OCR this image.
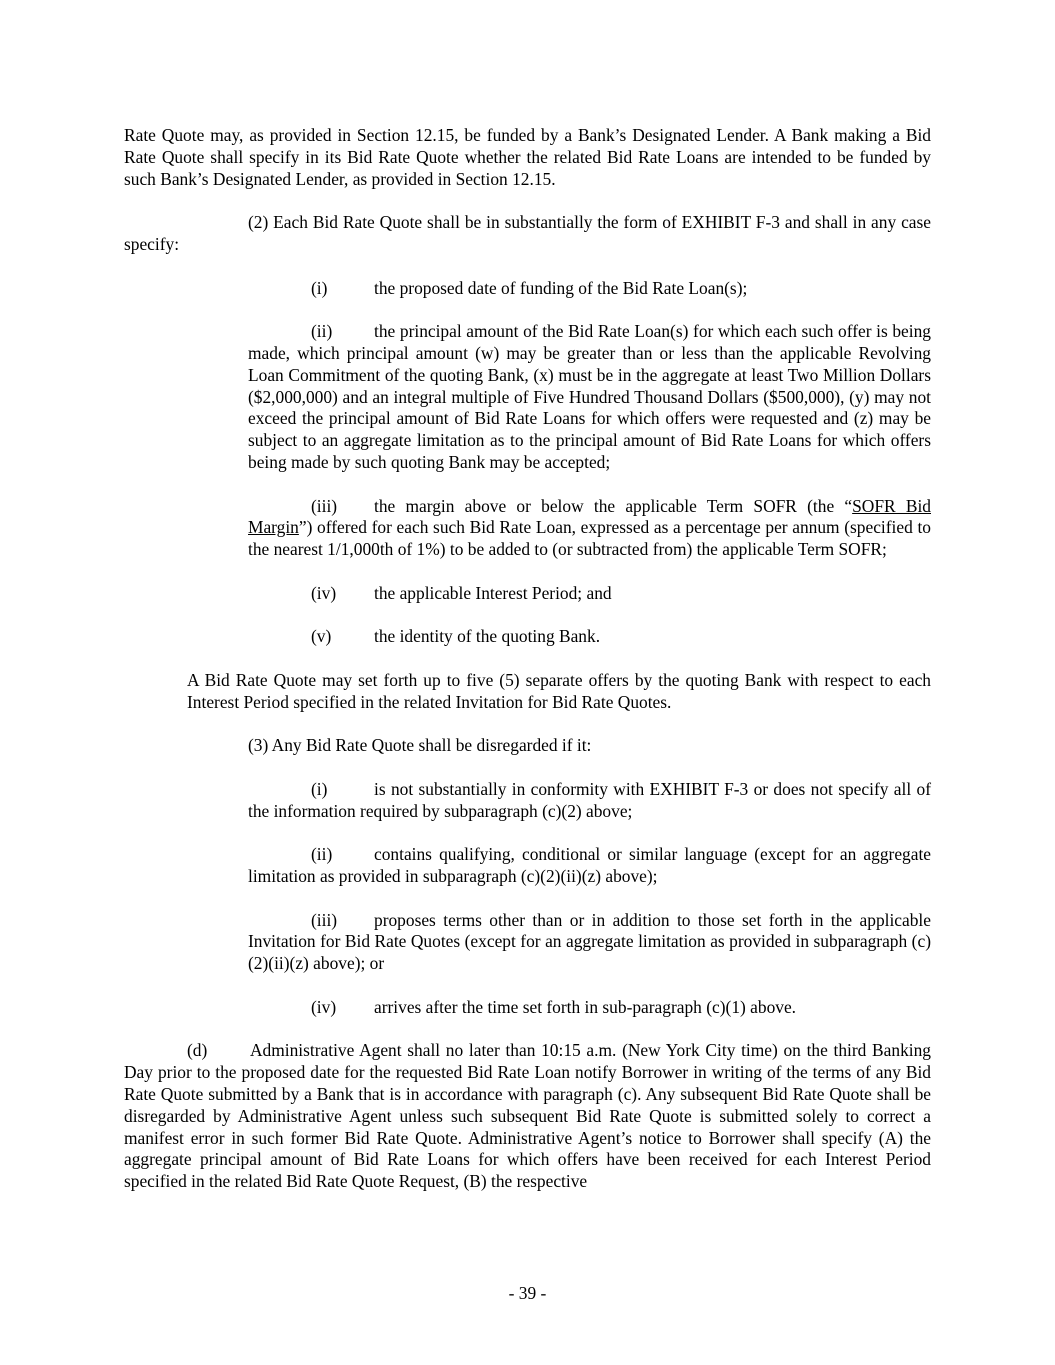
Rate Quote may, as provided in Section 12.15, be funded by a Bank’s Designated Lender. A Bank making a Bid Rate Quote shall specify in its Bid Rate Quote whether the related Bid Rate Loans are intended to be funded by such Bank’s Designated Lender, as provided in Section 12.15.

(2) Each Bid Rate Quote shall be in substantially the form of EXHIBIT F-3 and shall in any case specify:

(i)	the proposed date of funding of the Bid Rate Loan(s);

(ii) the principal amount of the Bid Rate Loan(s) for which each such offer is being made, which principal amount (w) may be greater than or less than the applicable Revolving Loan Commitment of the quoting Bank, (x) must be in the aggregate at least Two Million Dollars ($2,000,000) and an integral multiple of Five Hundred Thousand Dollars ($500,000), (y) may not exceed the principal amount of Bid Rate Loans for which offers were requested and (z) may be subject to an aggregate limitation as to the principal amount of Bid Rate Loans for which offers being made by such quoting Bank may be accepted;

(iii) the margin above or below the applicable Term SOFR (the “SOFR Bid Margin”) offered for each such Bid Rate Loan, expressed as a percentage per annum (specified to the nearest 1/1,000th of 1%) to be added to (or subtracted from) the applicable Term SOFR;

(iv) the applicable Interest Period; and
(v) the identity of the quoting Bank.

A Bid Rate Quote may set forth up to five (5) separate offers by the quoting Bank with respect to each Interest Period specified in the related Invitation for Bid Rate Quotes.

(3) Any Bid Rate Quote shall be disregarded if it:

(i)	is not substantially in conformity with EXHIBIT F-3 or does not specify all of the information required by subparagraph (c)(2) above;

(ii) contains qualifying, conditional or similar language (except for an aggregate limitation as provided in subparagraph (c)(2)(ii)(z) above);

(iii) proposes terms other than or in addition to those set forth in the applicable Invitation for Bid Rate Quotes (except for an aggregate limitation as provided in subparagraph (c)(2)(ii)(z) above); or

(iv) arrives after the time set forth in sub-paragraph (c)(1) above.

(d) Administrative Agent shall no later than 10:15 a.m. (New York City time) on the third Banking Day prior to the proposed date for the requested Bid Rate Loan notify Borrower in writing of the terms of any Bid Rate Quote submitted by a Bank that is in accordance with paragraph (c). Any subsequent Bid Rate Quote shall be disregarded by Administrative Agent unless such subsequent Bid Rate Quote is submitted solely to correct a manifest error in such former Bid Rate Quote. Administrative Agent’s notice to Borrower shall specify (A) the aggregate principal amount of Bid Rate Loans for which offers have been received for each Interest Period specified in the related Bid Rate Quote Request, (B) the respective

- 39 -
